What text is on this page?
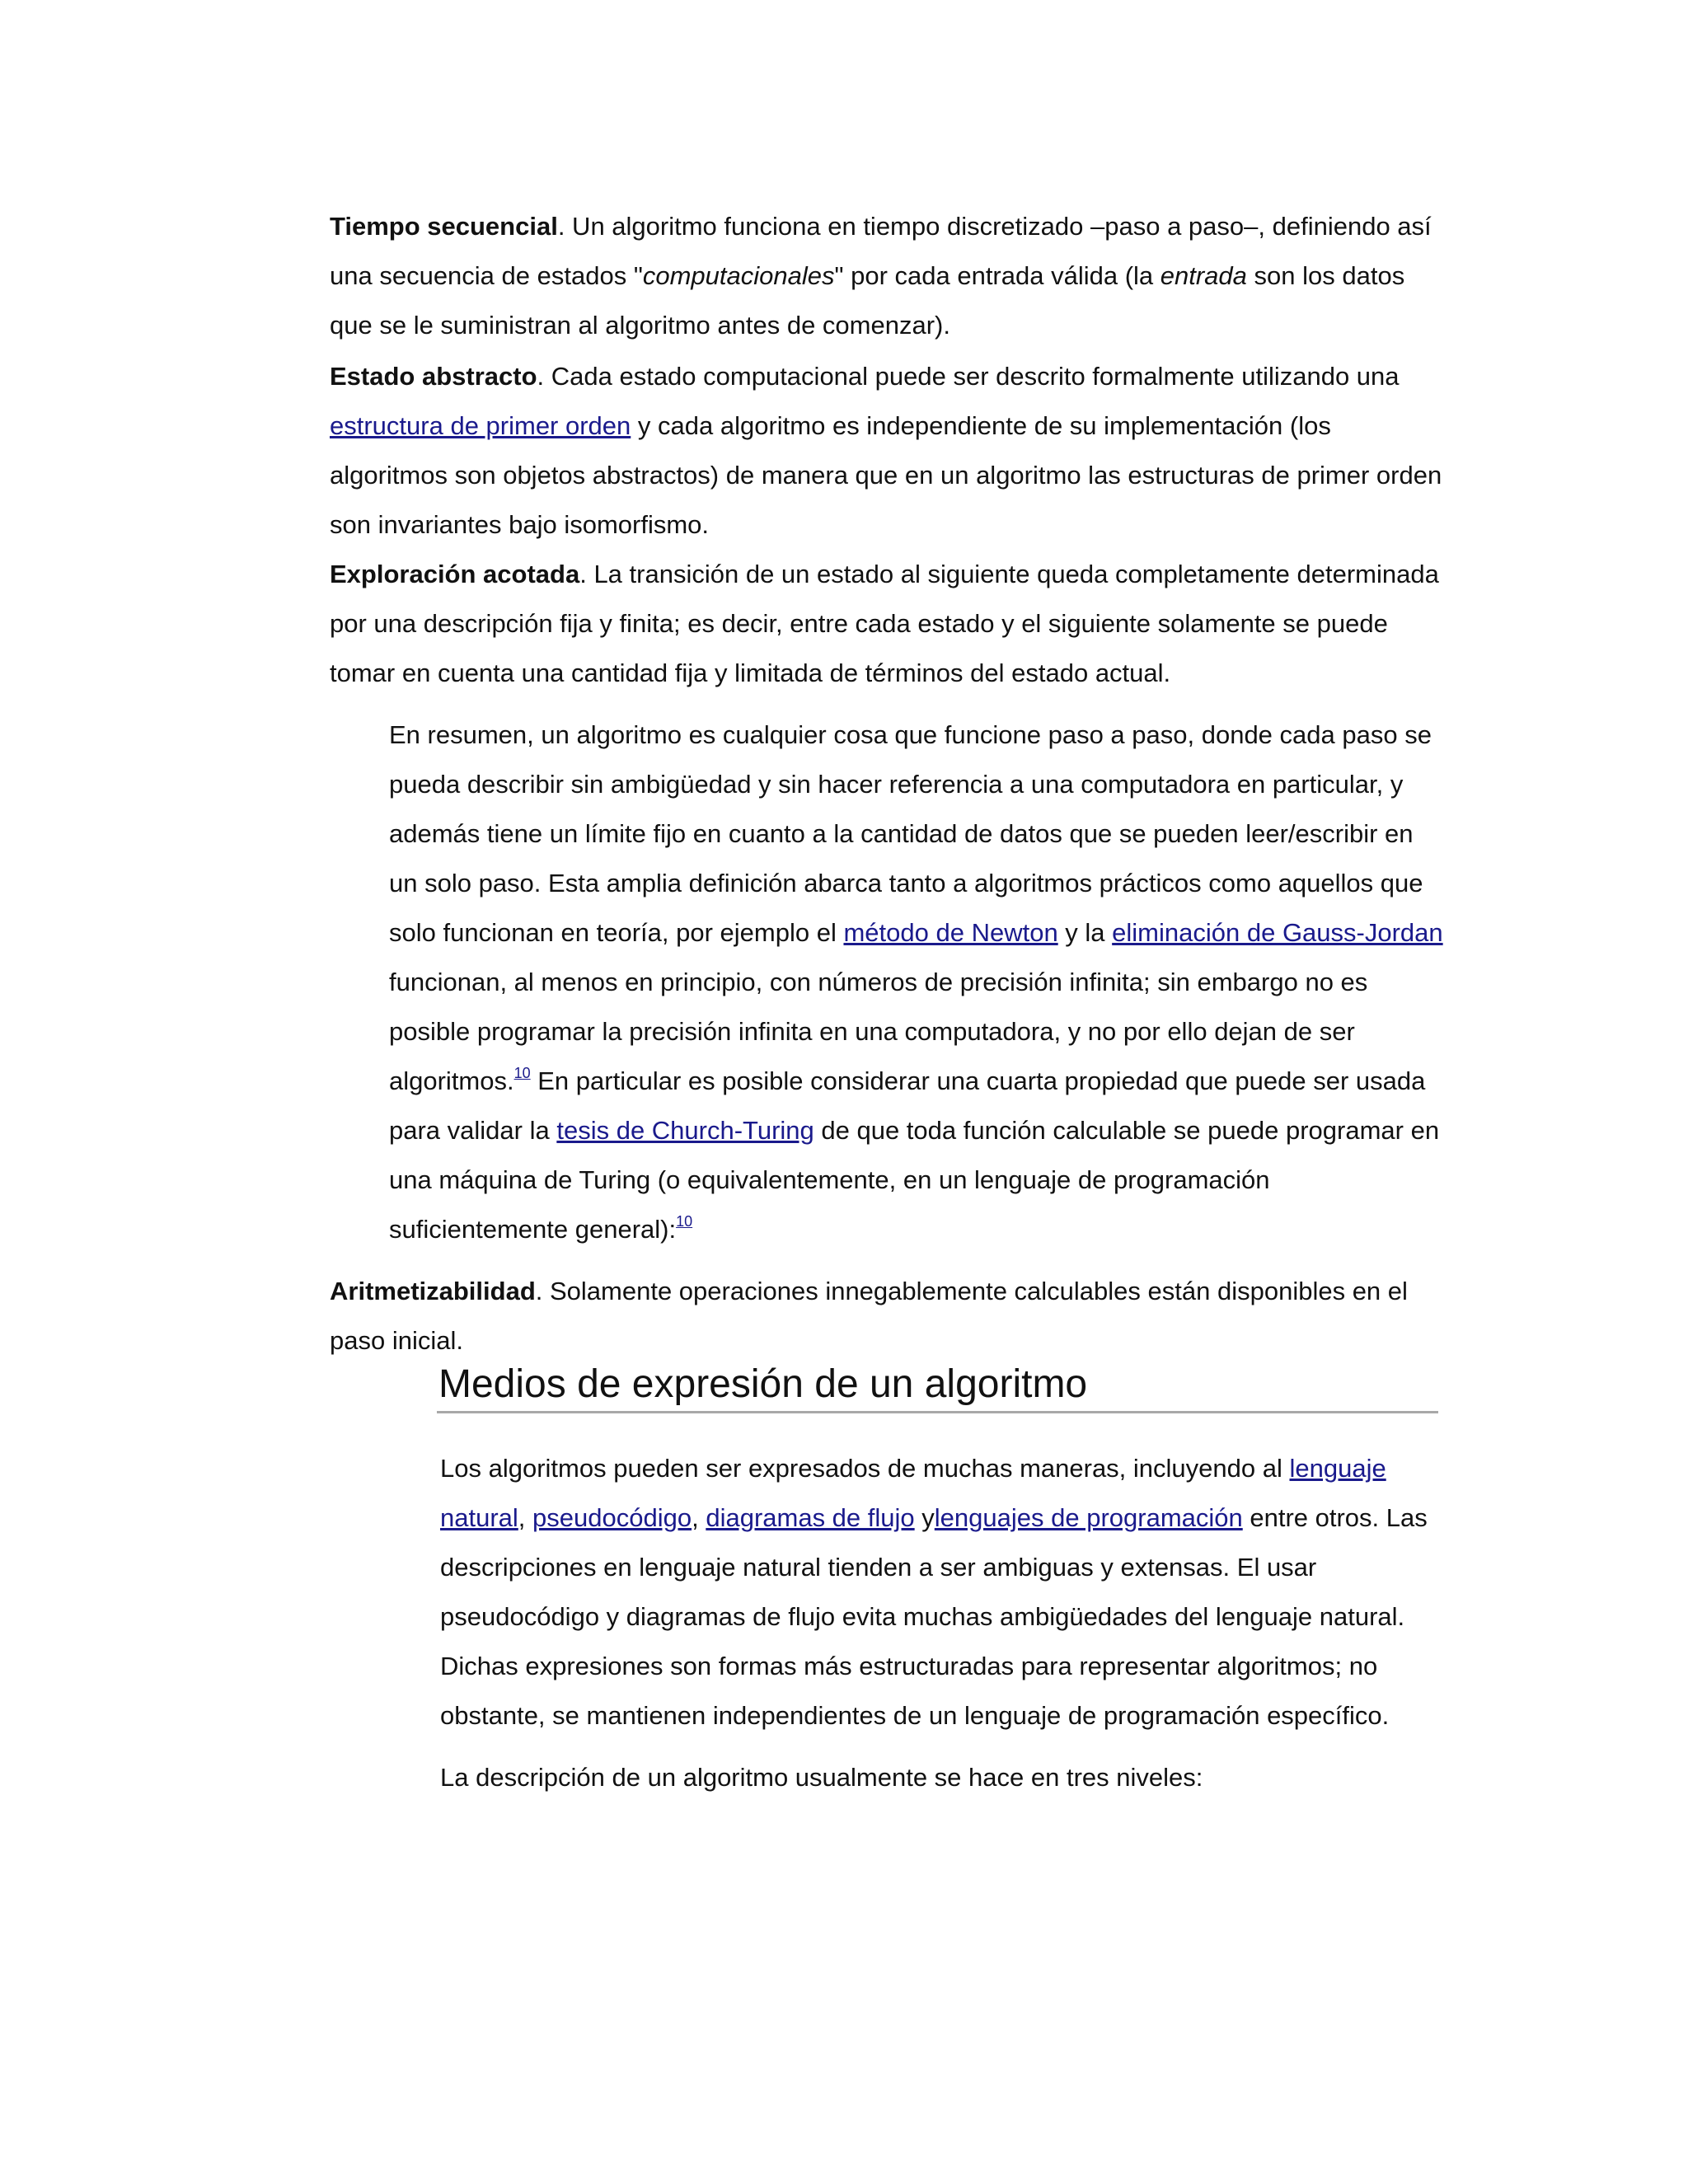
Tiempo secuencial. Un algoritmo funciona en tiempo discretizado –paso a paso–, definiendo así una secuencia de estados "computacionales" por cada entrada válida (la entrada son los datos que se le suministran al algoritmo antes de comenzar).

Estado abstracto. Cada estado computacional puede ser descrito formalmente utilizando una estructura de primer orden y cada algoritmo es independiente de su implementación (los algoritmos son objetos abstractos) de manera que en un algoritmo las estructuras de primer orden son invariantes bajo isomorfismo.

Exploración acotada. La transición de un estado al siguiente queda completamente determinada por una descripción fija y finita; es decir, entre cada estado y el siguiente solamente se puede tomar en cuenta una cantidad fija y limitada de términos del estado actual.

En resumen, un algoritmo es cualquier cosa que funcione paso a paso, donde cada paso se pueda describir sin ambigüedad y sin hacer referencia a una computadora en particular, y además tiene un límite fijo en cuanto a la cantidad de datos que se pueden leer/escribir en un solo paso. Esta amplia definición abarca tanto a algoritmos prácticos como aquellos que solo funcionan en teoría, por ejemplo el método de Newton y la eliminación de Gauss-Jordan funcionan, al menos en principio, con números de precisión infinita; sin embargo no es posible programar la precisión infinita en una computadora, y no por ello dejan de ser algoritmos.$^{10}$ En particular es posible considerar una cuarta propiedad que puede ser usada para validar la tesis de Church-Turing de que toda función calculable se puede programar en una máquina de Turing (o equivalentemente, en un lenguaje de programación suficientemente general):$^{10}$

Aritmetizabilidad. Solamente operaciones innegablemente calculables están disponibles en el paso inicial.

Medios de expresión de un algoritmo

Los algoritmos pueden ser expresados de muchas maneras, incluyendo al lenguaje natural, pseudocódigo, diagramas de flujo ylenguajes de programación entre otros. Las descripciones en lenguaje natural tienden a ser ambiguas y extensas. El usar pseudocódigo y diagramas de flujo evita muchas ambigüedades del lenguaje natural. Dichas expresiones son formas más estructuradas para representar algoritmos; no obstante, se mantienen independientes de un lenguaje de programación específico.

La descripción de un algoritmo usualmente se hace en tres niveles:
